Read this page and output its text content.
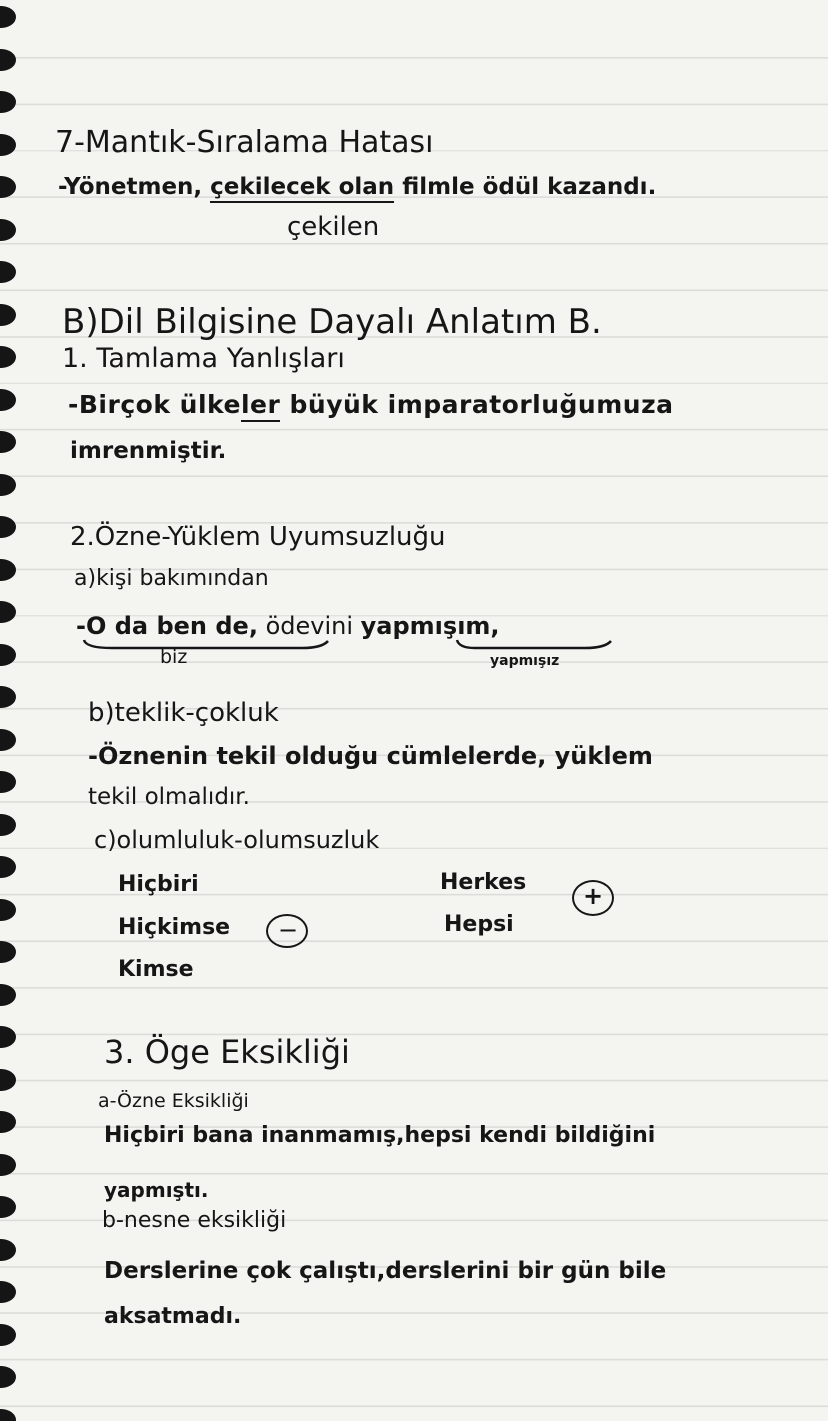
7-Mantık-Sıralama Hatası
-Yönetmen, çekilecek olan filmle ödül kazandı.
çekilen
B)Dil Bilgisine Dayalı Anlatım B.
1. Tamlama Yanlışları
-Birçok ülkeler büyük imparatorluğumuza
imrenmiştir.
2.Özne-Yüklem Uyumsuzluğu
a)kişi bakımından
-O da ben de, ödevini yapmışım,
biz	yapmışız
b)teklik-çokluk
-Öznenin tekil olduğu cümlelerde, yüklem
tekil olmalıdır.
c)olumluluk-olumsuzluk
Hiçbiri
Hiçkimse
Kimse
−
Herkes
Hepsi
+
3. Öge Eksikliği
a-Özne Eksikliği
Hiçbiri bana inanmamış,hepsi kendi bildiğini
yapmıştı.
b-nesne eksikliği
Derslerine çok çalıştı,derslerini bir gün bile
aksatmadı.
